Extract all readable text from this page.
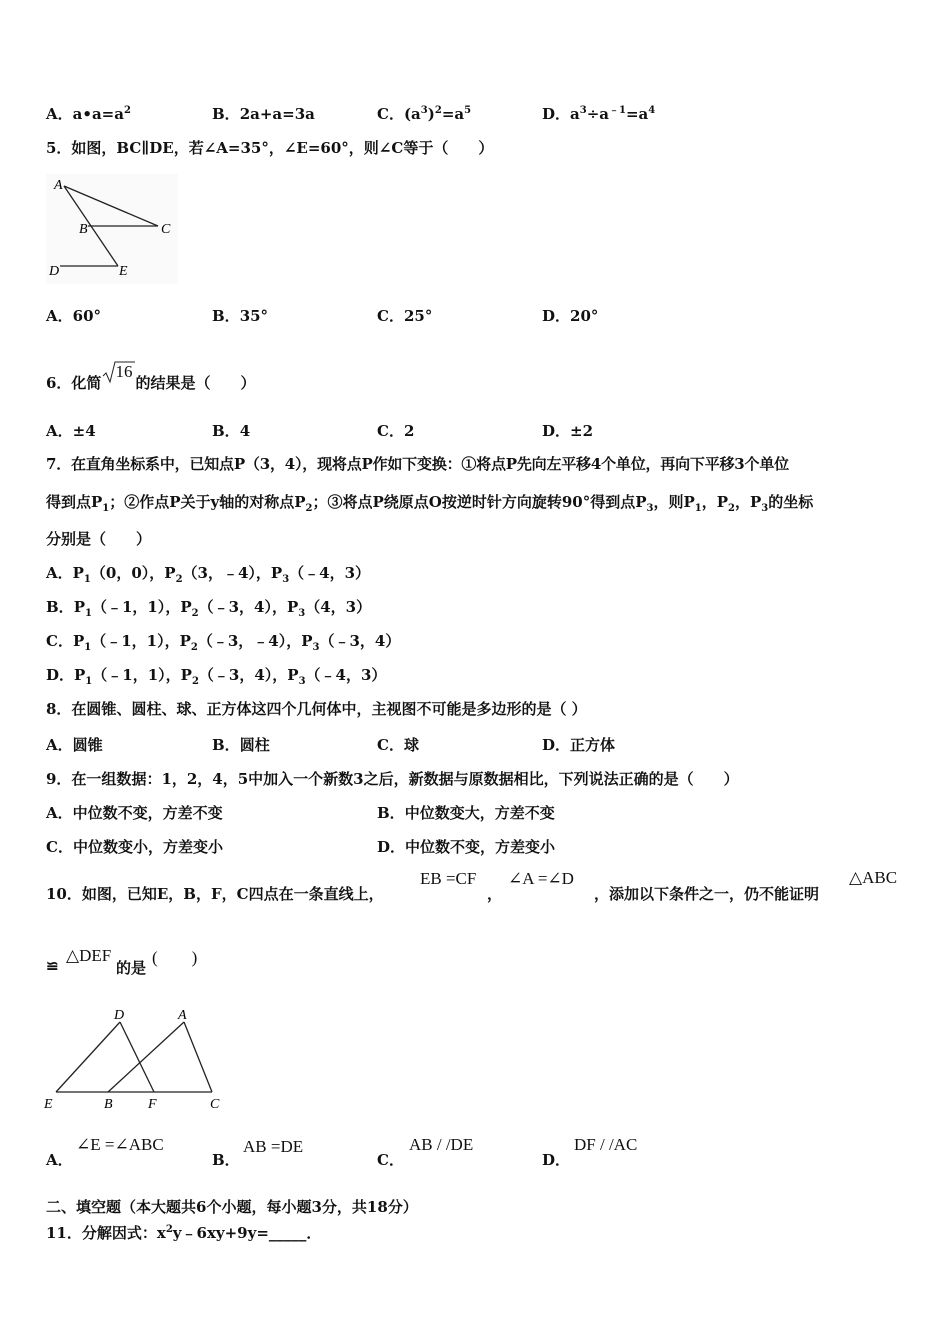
A．$a•a=a^2$	B．2a+a=3a	C．$(a^3)^2=a^5$	D．$a^3\div a^{﹣1}=a^4$
5．如图，BC∥DE，若∠A=35°，∠E=60°，则∠C等于（　　）
A
B	C
D	E
A．60°	B．35°	C．25°	D．20°
6．化简
16
的结果是（　　）
A．±4	B．4	C．2	D．±2
7．在直角坐标系中，已知点P（3，4），现将点P作如下变换：①将点P先向左平移4个单位，再向下平移3个单位
得到点$P_1$；②作点P关于y轴的对称点$P_2$；③将点P绕原点O按逆时针方向旋转90°得到点$P_3$，则$P_1$，$P_2$，$P_3$的坐标
分别是（　　）
A．$P_1(0$，0），$P_2(3$，﹣4），$P_3(﹣4$，3）
B．$P_1(﹣1$，1），$P_2(﹣3$，4），$P_3(4$，3）
C．$P_1(﹣1$，1），$P_2(﹣3$，﹣4），$P_3(﹣3$，4）
D．$P_1(﹣1$，1），$P_2(﹣3$，4），$P_3(﹣4$，3）
8．在圆锥、圆柱、球、正方体这四个几何体中，主视图不可能是多边形的是（ ）
A．圆锥	B．圆柱	C．球	D．正方体
9．在一组数据：1，2，4，5中加入一个新数3之后，新数据与原数据相比，下列说法正确的是（　　）
A．中位数不变，方差不变	B．中位数变大，方差不变
C．中位数变小，方差变小	D．中位数不变，方差变小
10．如图，已知E，B，F，C四点在一条直线上，
EB =CF
，
∠A =∠D
，添加以下条件之一，仍不能证明
△ABC
≌
△DEF
的是
(　　)
D	A
E	B	F	C
A．
∠E =∠ABC
B．
AB =DE
C．
AB / /DE
D．
DF / /AC
二、填空题（本大题共6个小题，每小题3分，共18分）
11．分解因式：$x^2y﹣6xy+9y=\_\_\_\_\_$．
